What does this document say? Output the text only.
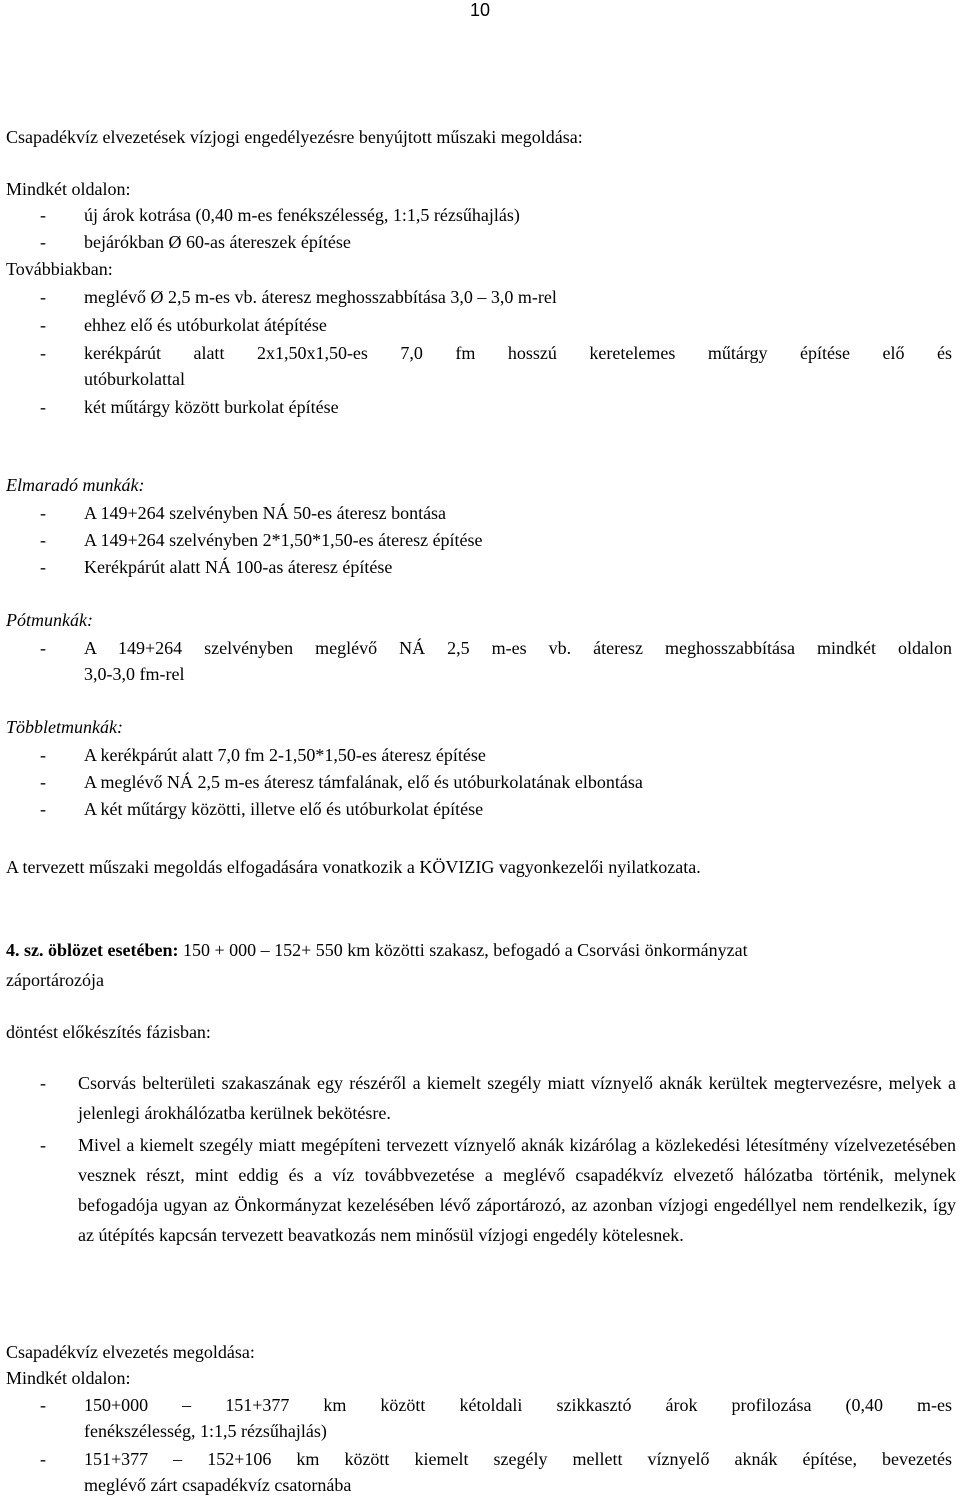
10
Csapadékvíz elvezetések vízjogi engedélyezésre benyújtott műszaki megoldása:
Mindkét oldalon:
-	új árok kotrása (0,40 m-es fenékszélesség, 1:1,5 rézsűhajlás)
-	bejárókban Ø 60-as átereszek építése
Továbbiakban:
-	meglévő Ø 2,5 m-es vb. áteresz meghosszabbítása 3,0 – 3,0 m-rel
-	ehhez elő és utóburkolat átépítése
-	kerékpárút alatt 2x1,50x1,50-es 7,0 fm hosszú keretelemes műtárgy építése elő és
utóburkolattal
-	két műtárgy között burkolat építése
Elmaradó munkák:
-	A 149+264 szelvényben NÁ 50-es áteresz bontása
-	A 149+264 szelvényben 2*1,50*1,50-es áteresz építése
-	Kerékpárút alatt NÁ 100-as áteresz építése
Pótmunkák:
-	A 149+264 szelvényben meglévő NÁ 2,5 m-es vb. áteresz meghosszabbítása mindkét oldalon
3,0-3,0 fm-rel
Többletmunkák:
-	A kerékpárút alatt 7,0 fm 2-1,50*1,50-es áteresz építése
-	A meglévő NÁ 2,5 m-es áteresz támfalának, elő és utóburkolatának elbontása
-	A két műtárgy közötti, illetve elő és utóburkolat építése
A tervezett műszaki megoldás elfogadására vonatkozik a KÖVIZIG vagyonkezelői nyilatkozata.
4. sz. öblözet esetében: 150 + 000 – 152+ 550 km közötti szakasz, befogadó a Csorvási önkormányzat
záportározója
döntést előkészítés fázisban:
-	Csorvás belterületi szakaszának egy részéről a kiemelt szegély miatt víznyelő aknák kerültek megtervezésre, melyek a jelenlegi árokhálózatba kerülnek bekötésre.
-	Mivel a kiemelt szegély miatt megépíteni tervezett víznyelő aknák kizárólag a közlekedési létesítmény vízelvezetésében vesznek részt, mint eddig és a víz továbbvezetése a meglévő csapadékvíz elvezető hálózatba történik, melynek befogadója ugyan az Önkormányzat kezelésében lévő záportározó, az azonban vízjogi engedéllyel nem rendelkezik, így az útépítés kapcsán tervezett beavatkozás nem minősül vízjogi engedély kötelesnek.
Csapadékvíz elvezetés megoldása:
Mindkét oldalon:
-	150+000 – 151+377 km között kétoldali szikkasztó árok profilozása (0,40 m-es
fenékszélesség, 1:1,5 rézsűhajlás)
-	151+377 – 152+106 km között kiemelt szegély mellett víznyelő aknák építése, bevezetés
meglévő zárt csapadékvíz csatornába
